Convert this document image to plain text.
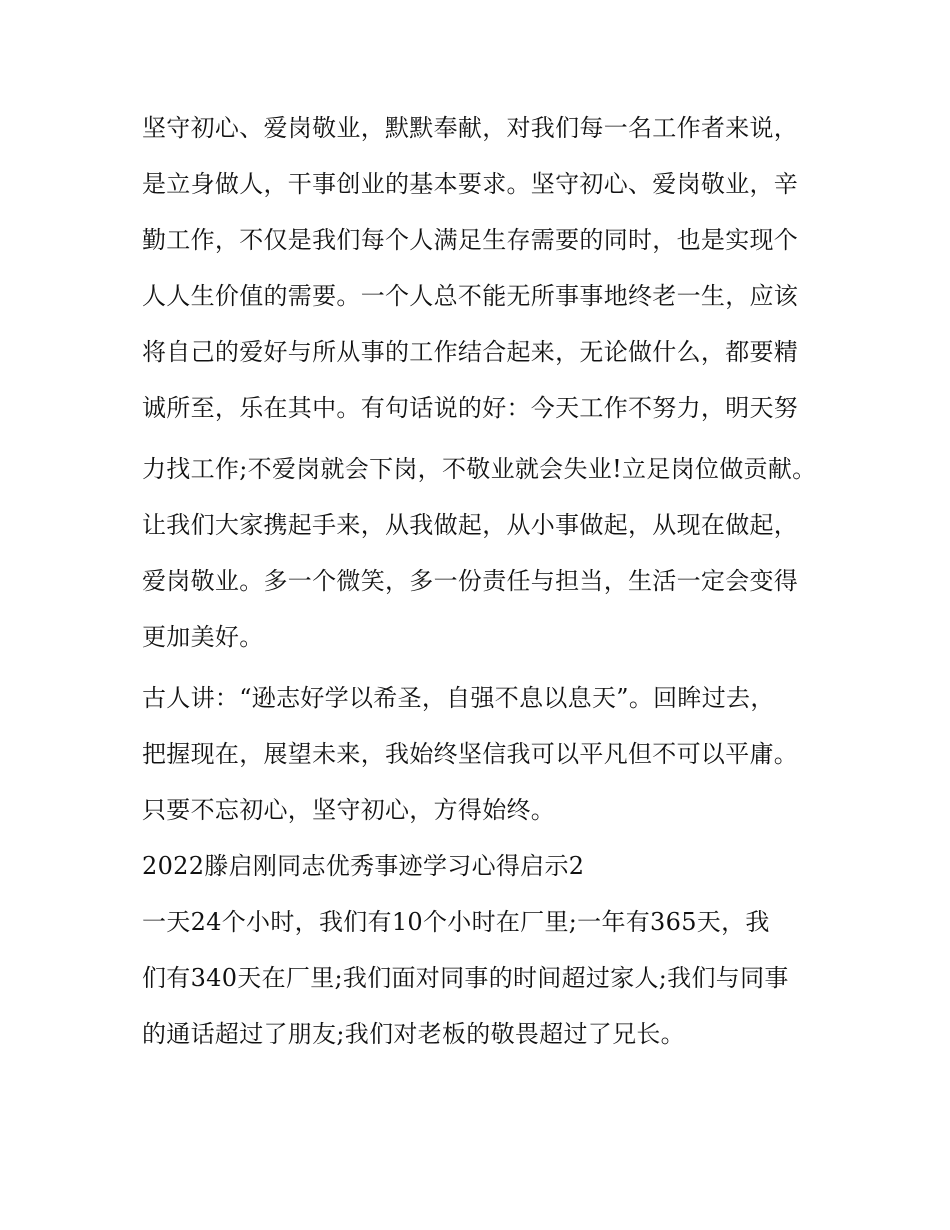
坚守初心、爱岗敬业，默默奉献，对我们每一名工作者来说，
是立身做人，干事创业的基本要求。坚守初心、爱岗敬业，辛
勤工作，不仅是我们每个人满足生存需要的同时，也是实现个
人人生价值的需要。一个人总不能无所事事地终老一生，应该
将自己的爱好与所从事的工作结合起来，无论做什么，都要精
诚所至，乐在其中。有句话说的好：今天工作不努力，明天努
力找工作;不爱岗就会下岗，不敬业就会失业!立足岗位做贡献。
让我们大家携起手来，从我做起，从小事做起，从现在做起，
爱岗敬业。多一个微笑，多一份责任与担当，生活一定会变得
更加美好。
古人讲：“逊志好学以希圣，自强不息以息天”。回眸过去，
把握现在，展望未来，我始终坚信我可以平凡但不可以平庸。
只要不忘初心，坚守初心，方得始终。
2022滕启刚同志优秀事迹学习心得启示2
一天24个小时，我们有10个小时在厂里;一年有365天，我
们有340天在厂里;我们面对同事的时间超过家人;我们与同事
的通话超过了朋友;我们对老板的敬畏超过了兄长。
